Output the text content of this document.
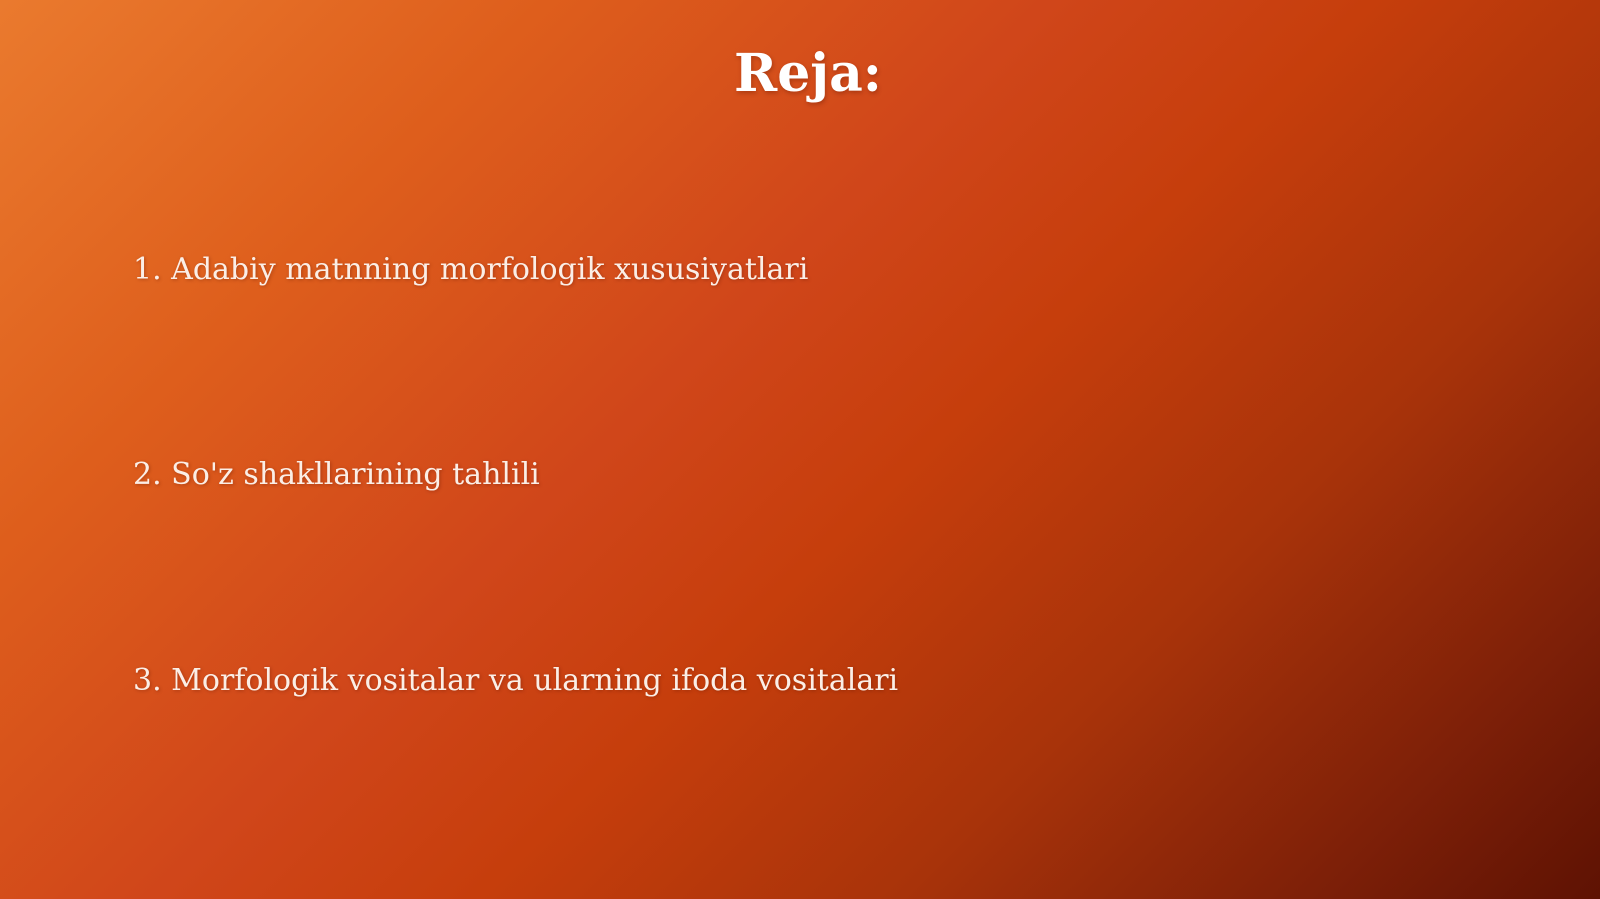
Reja:
1. Adabiy matnning morfologik xususiyatlari
2. So'z shakllarining tahlili
3. Morfologik vositalar va ularning ifoda vositalari
